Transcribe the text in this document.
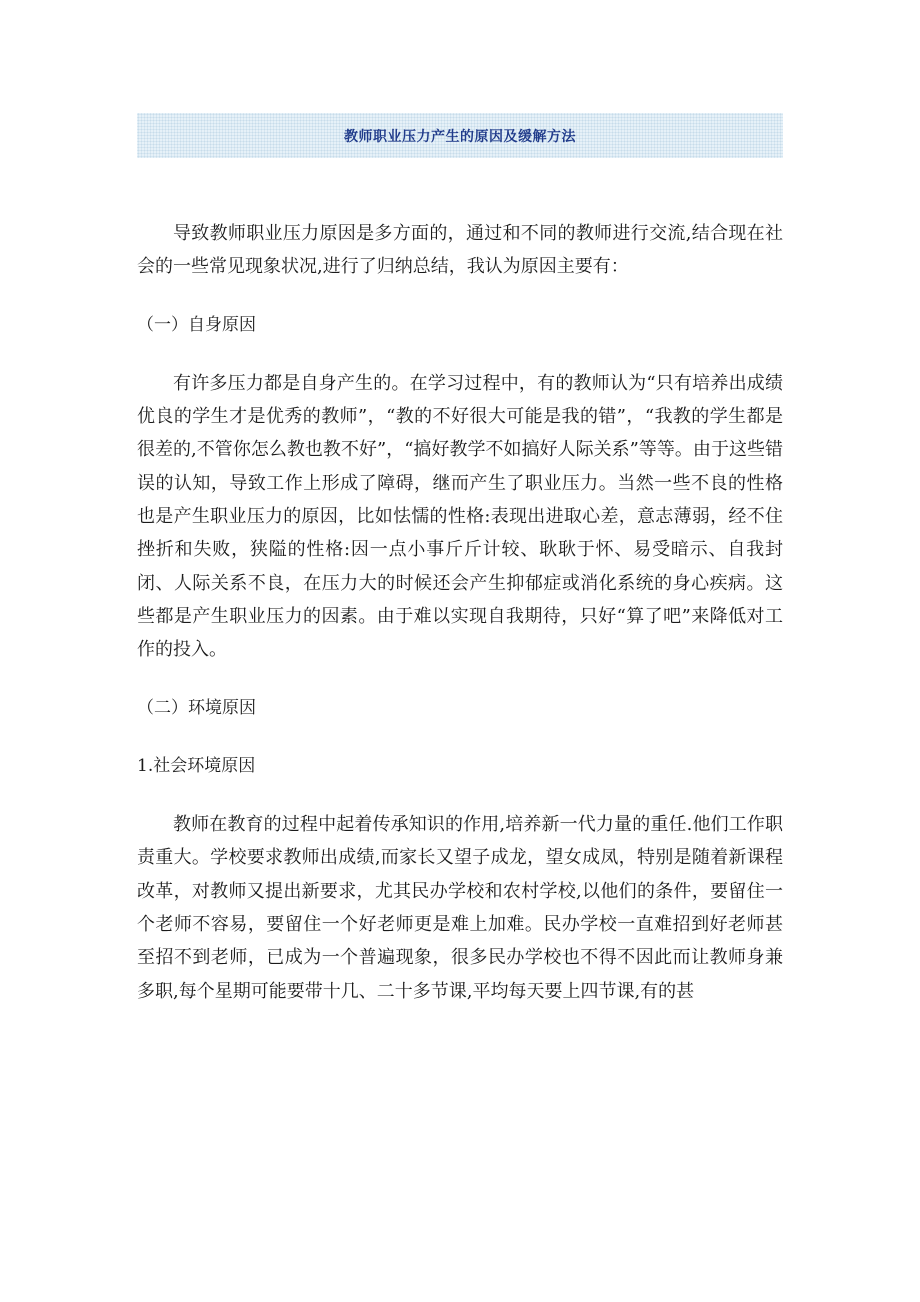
教师职业压力产生的原因及缓解方法

导致教师职业压力原因是多方面的，通过和不同的教师进行交流,结合现在社会的一些常见现象状况,进行了归纳总结，我认为原因主要有：

（一）自身原因

有许多压力都是自身产生的。在学习过程中，有的教师认为“只有培养出成绩优良的学生才是优秀的教师”，“教的不好很大可能是我的错”，“我教的学生都是很差的,不管你怎么教也教不好”，“搞好教学不如搞好人际关系”等等。由于这些错误的认知，导致工作上形成了障碍，继而产生了职业压力。当然一些不良的性格也是产生职业压力的原因，比如怯懦的性格:表现出进取心差，意志薄弱，经不住挫折和失败，狭隘的性格:因一点小事斤斤计较、耿耿于怀、易受暗示、自我封闭、人际关系不良，在压力大的时候还会产生抑郁症或消化系统的身心疾病。这些都是产生职业压力的因素。由于难以实现自我期待，只好“算了吧”来降低对工作的投入。

（二）环境原因

1.社会环境原因

教师在教育的过程中起着传承知识的作用,培养新一代力量的重任.他们工作职责重大。学校要求教师出成绩,而家长又望子成龙，望女成凤，特别是随着新课程改革，对教师又提出新要求，尤其民办学校和农村学校,以他们的条件，要留住一个老师不容易，要留住一个好老师更是难上加难。民办学校一直难招到好老师甚至招不到老师，已成为一个普遍现象，很多民办学校也不得不因此而让教师身兼多职,每个星期可能要带十几、二十多节课,平均每天要上四节课,有的甚
